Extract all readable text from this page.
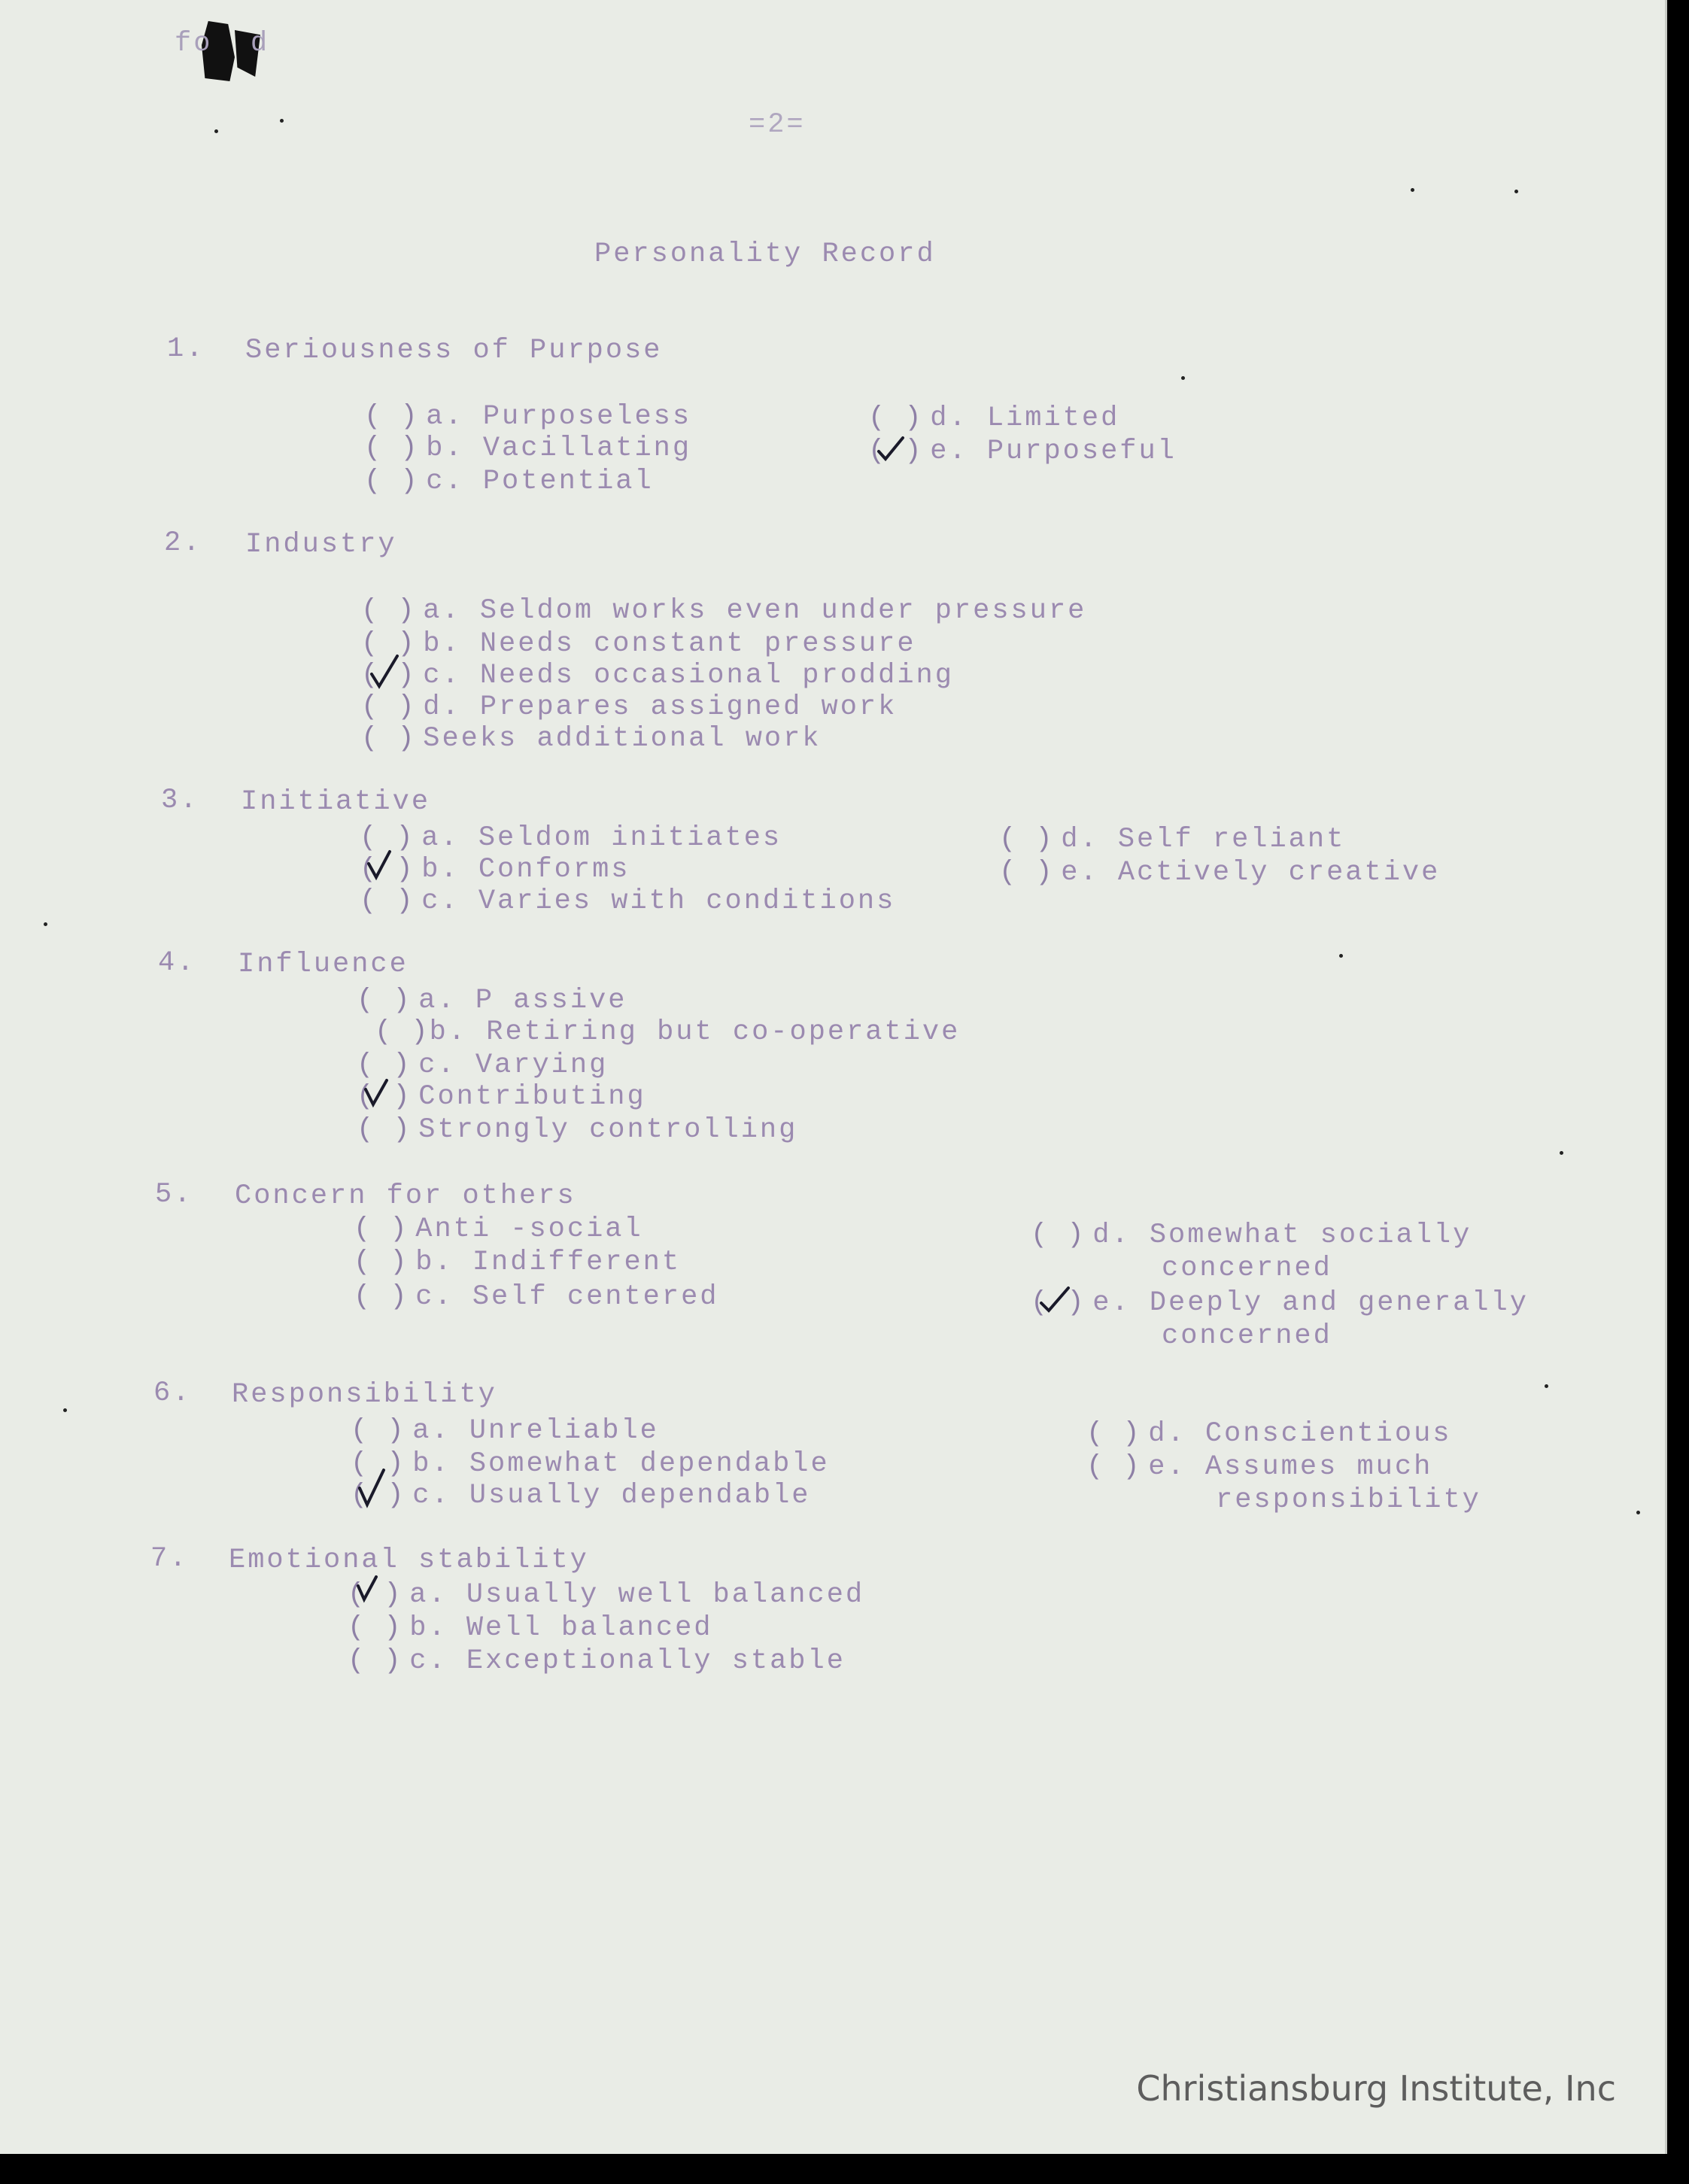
fo  d
=2=
Personality Record
1. Seriousness of Purpose
( ) a. Purposeless
( ) b. Vacillating
( ) c. Potential
( ) d. Limited
( ) e. Purposeful
2. Industry
( ) a. Seldom works even under pressure
( ) b. Needs constant pressure
( ) c. Needs occasional prodding
( ) d. Prepares assigned work
( ) Seeks additional work
3. Initiative
( ) a. Seldom initiates
( ) b. Conforms
( ) c. Varies with conditions
( ) d. Self reliant
( ) e. Actively creative
4. Influence
( ) a. P assive
( )b. Retiring but co-operative
( ) c. Varying
( ) Contributing
( ) Strongly controlling
5. Concern for others
( ) Anti -social
( ) b. Indifferent
( ) c. Self centered
( ) d. Somewhat socially
concerned
( ) e. Deeply and generally
concerned
6. Responsibility
( ) a. Unreliable
( ) b. Somewhat dependable
( ) c. Usually dependable
( ) d. Conscientious
( ) e. Assumes much
responsibility
7. Emotional stability
( ) a. Usually well balanced
( ) b. Well balanced
( ) c. Exceptionally stable
Christiansburg Institute, Inc
